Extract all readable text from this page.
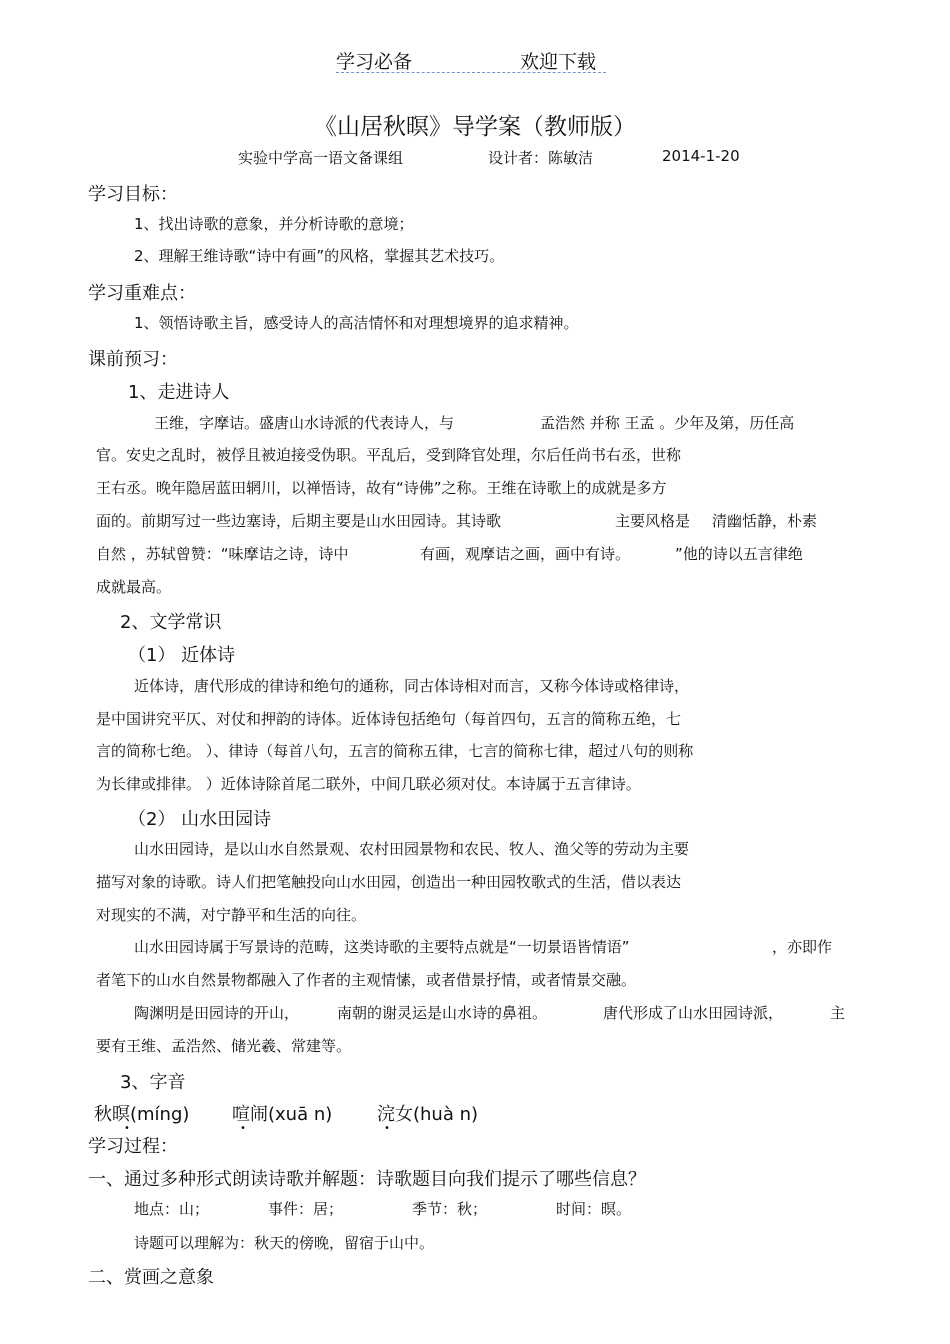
学习必备	欢迎下载
《山居秋暝》导学案（教师版）
实验中学高一语文备课组	设计者：陈敏洁	2014-1-20
学习目标：
1、找出诗歌的意象，并分析诗歌的意境；
2、理解王维诗歌“诗中有画”的风格，掌握其艺术技巧。
学习重难点：
1、领悟诗歌主旨，感受诗人的高洁情怀和对理想境界的追求精神。
课前预习：
1、走进诗人
王维，字摩诘。盛唐山水诗派的代表诗人，与	孟浩然 并称 王孟 。少年及第，历任高
官。安史之乱时，被俘且被迫接受伪职。平乱后，受到降官处理，尔后任尚书右丞，世称
王右丞。晚年隐居蓝田辋川，以禅悟诗，故有“诗佛”之称。王维在诗歌上的成就是多方
面的。前期写过一些边塞诗，后期主要是山水田园诗。其诗歌	主要风格是 清幽恬静，朴素
自然 ，苏轼曾赞：“味摩诘之诗，诗中	有画，观摩诘之画，画中有诗。	”他的诗以五言律绝
成就最高。
2、文学常识
（1） 近体诗
近体诗，唐代形成的律诗和绝句的通称，同古体诗相对而言，又称今体诗或格律诗，
是中国讲究平仄、对仗和押韵的诗体。近体诗包括绝句（每首四句，五言的简称五绝，七
言的简称七绝。 ）、律诗（每首八句，五言的简称五律，七言的简称七律，超过八句的则称
为长律或排律。 ）近体诗除首尾二联外，中间几联必须对仗。本诗属于五言律诗。
（2） 山水田园诗
山水田园诗，是以山水自然景观、农村田园景物和农民、牧人、渔父等的劳动为主要
描写对象的诗歌。诗人们把笔触投向山水田园，创造出一种田园牧歌式的生活，借以表达
对现实的不满，对宁静平和生活的向往。
山水田园诗属于写景诗的范畴，这类诗歌的主要特点就是“一切景语皆情语”	，亦即作
者笔下的山水自然景物都融入了作者的主观情愫，或者借景抒情，或者情景交融。
陶渊明是田园诗的开山，	南朝的谢灵运是山水诗的鼻祖。	唐代形成了山水田园诗派，	主
要有王维、孟浩然、储光羲、常建等。
3、字音
秋暝(míng) 喧闹(xuā n) 浣女(huà n)
•	•	•
学习过程：
一、通过多种形式朗读诗歌并解题：诗歌题目向我们提示了哪些信息？
地点：山；	事件：居；	季节：秋；	时间：暝。
诗题可以理解为：秋天的傍晚，留宿于山中。
二、赏画之意象
